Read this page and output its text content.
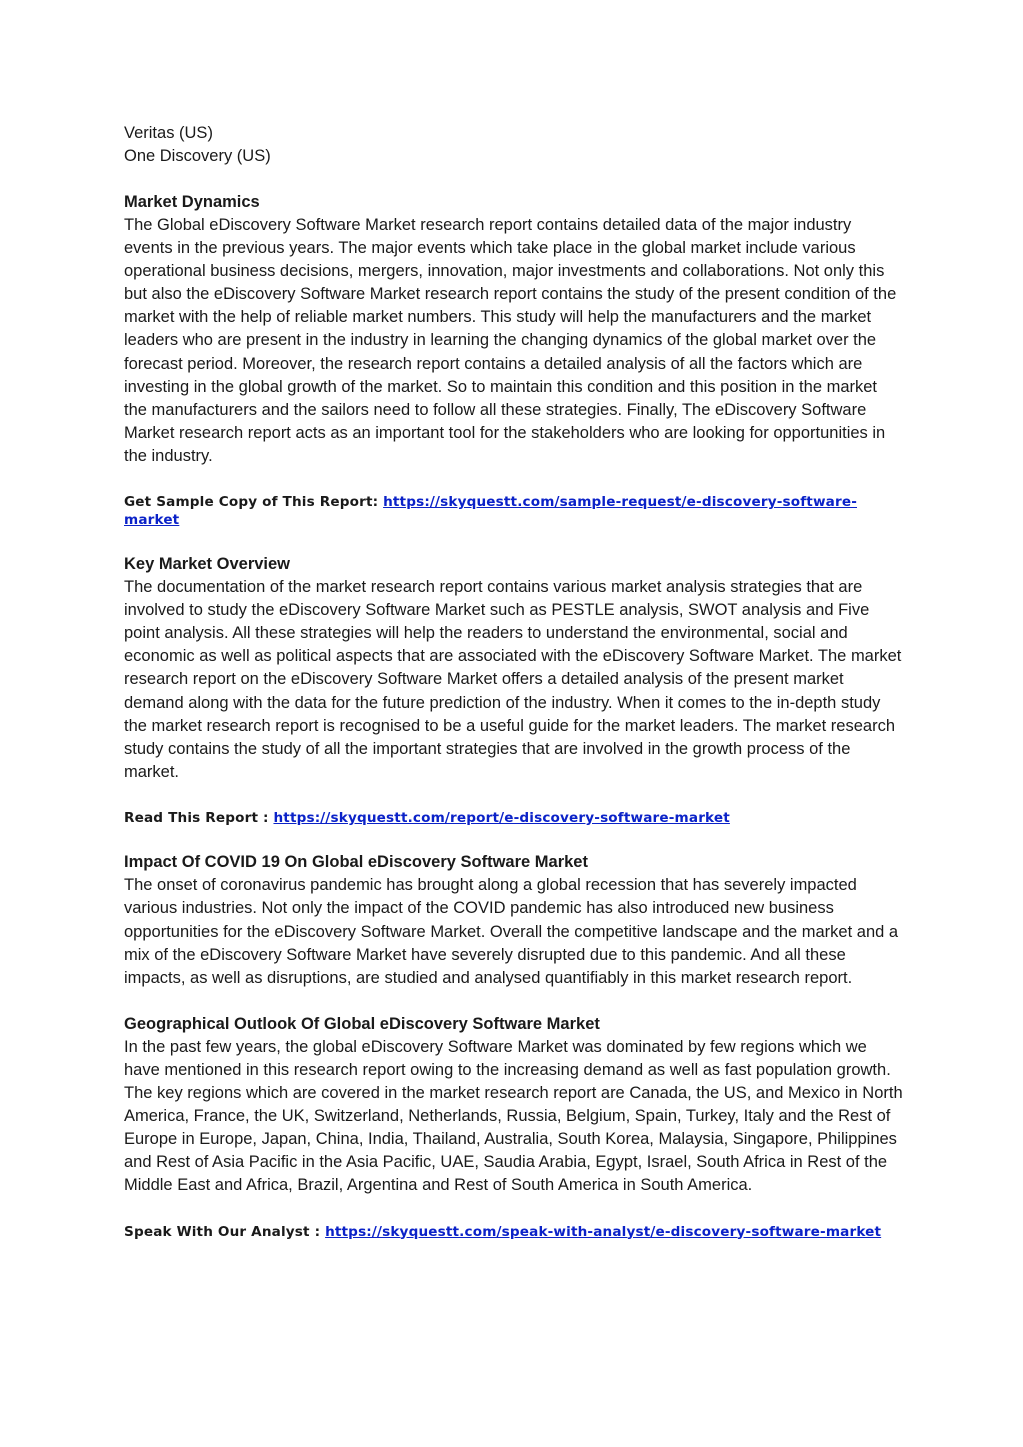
Veritas (US)

One Discovery (US)

Market Dynamics

The Global eDiscovery Software Market research report contains detailed data of the major industry events in the previous years. The major events which take place in the global market include various operational business decisions, mergers, innovation, major investments and collaborations. Not only this but also the eDiscovery Software Market research report contains the study of the present condition of the market with the help of reliable market numbers. This study will help the manufacturers and the market leaders who are present in the industry in learning the changing dynamics of the global market over the forecast period. Moreover, the research report contains a detailed analysis of all the factors which are investing in the global growth of the market. So to maintain this condition and this position in the market the manufacturers and the sailors need to follow all these strategies. Finally, The eDiscovery Software Market research report acts as an important tool for the stakeholders who are looking for opportunities in the industry.

Get Sample Copy of This Report: https://skyquestt.com/sample-request/e-discovery-software-market

Key Market Overview

The documentation of the market research report contains various market analysis strategies that are involved to study the eDiscovery Software Market such as PESTLE analysis, SWOT analysis and Five point analysis. All these strategies will help the readers to understand the environmental, social and economic as well as political aspects that are associated with the eDiscovery Software Market. The market research report on the eDiscovery Software Market offers a detailed analysis of the present market demand along with the data for the future prediction of the industry. When it comes to the in-depth study the market research report is recognised to be a useful guide for the market leaders. The market research study contains the study of all the important strategies that are involved in the growth process of the market.

Read This Report : https://skyquestt.com/report/e-discovery-software-market

Impact Of COVID 19 On Global eDiscovery Software Market

The onset of coronavirus pandemic has brought along a global recession that has severely impacted various industries. Not only the impact of the COVID pandemic has also introduced new business opportunities for the eDiscovery Software Market. Overall the competitive landscape and the market and a mix of the eDiscovery Software Market have severely disrupted due to this pandemic. And all these impacts, as well as disruptions, are studied and analysed quantifiably in this market research report.

Geographical Outlook Of Global eDiscovery Software Market

In the past few years, the global eDiscovery Software Market was dominated by few regions which we have mentioned in this research report owing to the increasing demand as well as fast population growth. The key regions which are covered in the market research report are Canada, the US, and Mexico in North America, France, the UK, Switzerland, Netherlands, Russia, Belgium, Spain, Turkey, Italy and the Rest of Europe in Europe, Japan, China, India, Thailand, Australia, South Korea, Malaysia, Singapore, Philippines and Rest of Asia Pacific in the Asia Pacific, UAE, Saudia Arabia, Egypt, Israel, South Africa in Rest of the Middle East and Africa, Brazil, Argentina and Rest of South America in South America.

Speak With Our Analyst : https://skyquestt.com/speak-with-analyst/e-discovery-software-market
